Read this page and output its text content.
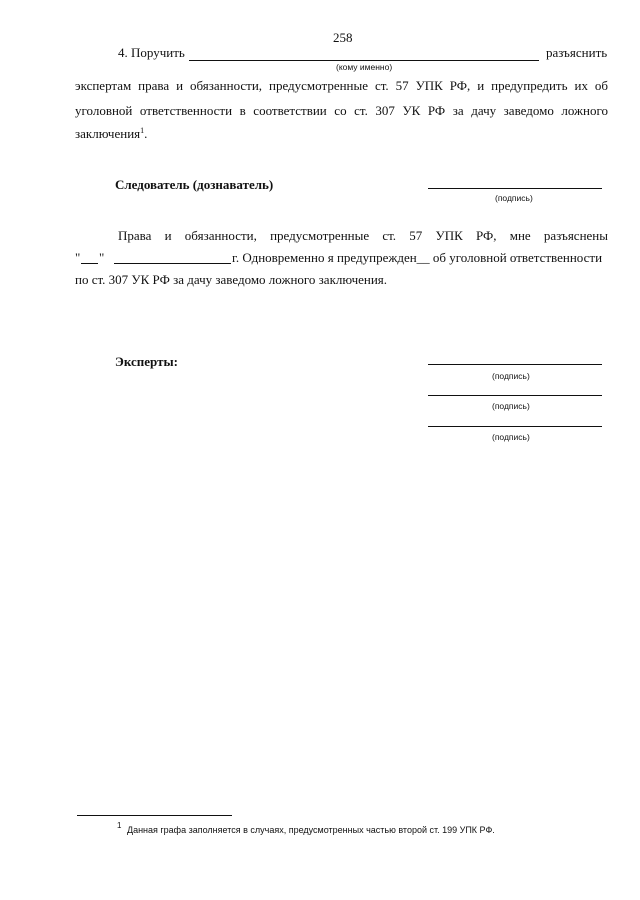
258
4. Поручить	разъяснить
(кому именно)
экспертам права и обязанности, предусмотренные ст. 57 УПК РФ, и предупредить их об
уголовной ответственности в соответствии со ст. 307 УК РФ за дачу заведомо ложного
заключения$^1$.
Следователь (дознаватель)
(подпись)
Права и обязанности, предусмотренные ст. 57 УПК РФ, мне разъяснены
" "	г. Одновременно я предупрежден__ об уголовной ответственности
по ст. 307 УК РФ за дачу заведомо ложного заключения.
Эксперты:
(подпись)
(подпись)
(подпись)
$^1$ Данная графа заполняется в случаях, предусмотренных частью второй ст. 199 УПК РФ.
